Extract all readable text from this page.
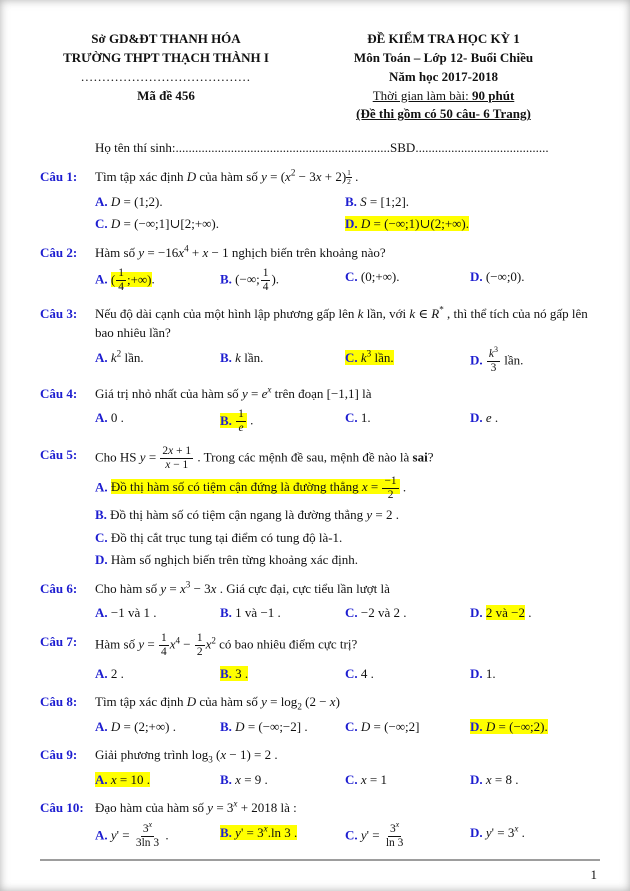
Sở GD&ĐT THANH HÓA
TRƯỜNG THPT THẠCH THÀNH I
........................................
Mã đề 456
ĐỀ KIỂM TRA HỌC KỲ 1
Môn Toán – Lớp 12- Buổi Chiều
Năm học 2017-2018
Thời gian làm bài: 90 phút
(Đề thi gồm có 50 câu- 6 Trang)
Họ tên thí sinh:..................................................................SBD.........................................
Câu 1:	Tìm tập xác định D của hàm số $y = (x^2 - 3x + 2) \frac{1}{2}$ .
A. D = (1;2).	B. S = [1;2].
C. D = (−∞;1]∪[2;+∞).	D. D = (−∞;1)∪(2;+∞).
Câu 2:	Hàm số $y = -16x^4 + x - 1$ nghịch biến trên khoảng nào?
A. ( $\frac{1}{4}$ ;+∞).	B. (−∞; $\frac{1}{4}$ ).	C. (0;+∞).	D. (−∞;0).
Câu 3:	Nếu độ dài cạnh của một hình lập phương gấp lên k lần, với k ∈ R* , thì thể tích của nó gấp lên bao nhiêu lần?
A. $k^2$ lần.	B. k lần.	C. $k^3$ lần.	D. $\frac{k^3}{3}$ lần.
Câu 4:	Giá trị nhỏ nhất của hàm số $y = e^x$ trên đoạn [−1,1] là
A. 0 .	B. $\frac{1}{e}$ .	C. 1.	D. e .
Câu 5:	Cho HS $y = \frac{2x + 1}{x - 1}$ . Trong các mệnh đề sau, mệnh đề nào là sai?
A. Đồ thị hàm số có tiệm cận đứng là đường thẳng $x = \frac{-1}{2}$ .
B. Đồ thị hàm số có tiệm cận ngang là đường thẳng y = 2 .
C. Đồ thị cắt trục tung tại điểm có tung độ là-1.
D. Hàm số nghịch biến trên từng khoảng xác định.
Câu 6:	Cho hàm số $y = x^3 - 3x$ . Giá cực đại, cực tiểu lần lượt là
A. −1 và 1 .	B. 1 và −1 .	C. −2 và 2 .	D. 2 và −2 .
Câu 7:	Hàm số $y = \frac{1}{4} x^4 - \frac{1}{2} x^2$ có bao nhiêu điểm cực trị?
A. 2 .	B. 3 .	C. 4 .	D. 1.
Câu 8:	Tìm tập xác định D của hàm số $y = \log_2 (2 - x)$
A. D = (2;+∞) .	B. D = (−∞;−2] .	C. D = (−∞;2]	D. D = (−∞;2).
Câu 9:	Giải phương trình $\log_3 (x - 1) = 2$ .
A. x = 10 .	B. x = 9 .	C. x = 1	D. x = 8 .
Câu 10: Đạo hàm của hàm số $y = 3^x + 2018$ là :
A. $y' = \frac{3^x}{3\ln 3}$ .	B. $y' = 3^x.\ln$ 3 .	C. $y' = \frac{3^x}{\ln 3}$	D. $y' = 3^x$ .
1
